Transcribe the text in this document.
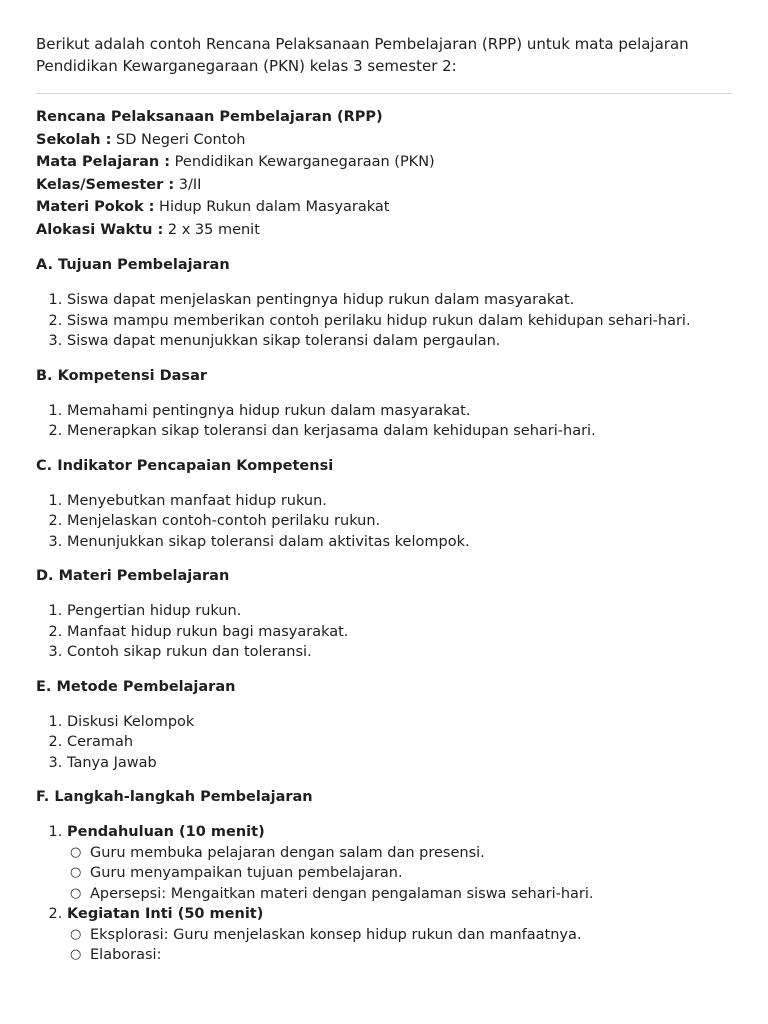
Berikut adalah contoh Rencana Pelaksanaan Pembelajaran (RPP) untuk mata pelajaran Pendidikan Kewarganegaraan (PKN) kelas 3 semester 2:

Rencana Pelaksanaan Pembelajaran (RPP)

Sekolah : SD Negeri Contoh

Mata Pelajaran : Pendidikan Kewarganegaraan (PKN)

Kelas/Semester : 3/II

Materi Pokok : Hidup Rukun dalam Masyarakat

Alokasi Waktu : 2 x 35 menit

A. Tujuan Pembelajaran

1. Siswa dapat menjelaskan pentingnya hidup rukun dalam masyarakat.
2. Siswa mampu memberikan contoh perilaku hidup rukun dalam kehidupan sehari-hari.
3. Siswa dapat menunjukkan sikap toleransi dalam pergaulan.

B. Kompetensi Dasar

1. Memahami pentingnya hidup rukun dalam masyarakat.
2. Menerapkan sikap toleransi dan kerjasama dalam kehidupan sehari-hari.

C. Indikator Pencapaian Kompetensi

1. Menyebutkan manfaat hidup rukun.
2. Menjelaskan contoh-contoh perilaku rukun.
3. Menunjukkan sikap toleransi dalam aktivitas kelompok.

D. Materi Pembelajaran

1. Pengertian hidup rukun.
2. Manfaat hidup rukun bagi masyarakat.
3. Contoh sikap rukun dan toleransi.

E. Metode Pembelajaran

1. Diskusi Kelompok
2. Ceramah
3. Tanya Jawab

F. Langkah-langkah Pembelajaran

1. Pendahuluan (10 menit)
○ Guru membuka pelajaran dengan salam dan presensi.
○ Guru menyampaikan tujuan pembelajaran.
○ Apersepsi: Mengaitkan materi dengan pengalaman siswa sehari-hari.
2. Kegiatan Inti (50 menit)
○ Eksplorasi: Guru menjelaskan konsep hidup rukun dan manfaatnya.
○ Elaborasi:
